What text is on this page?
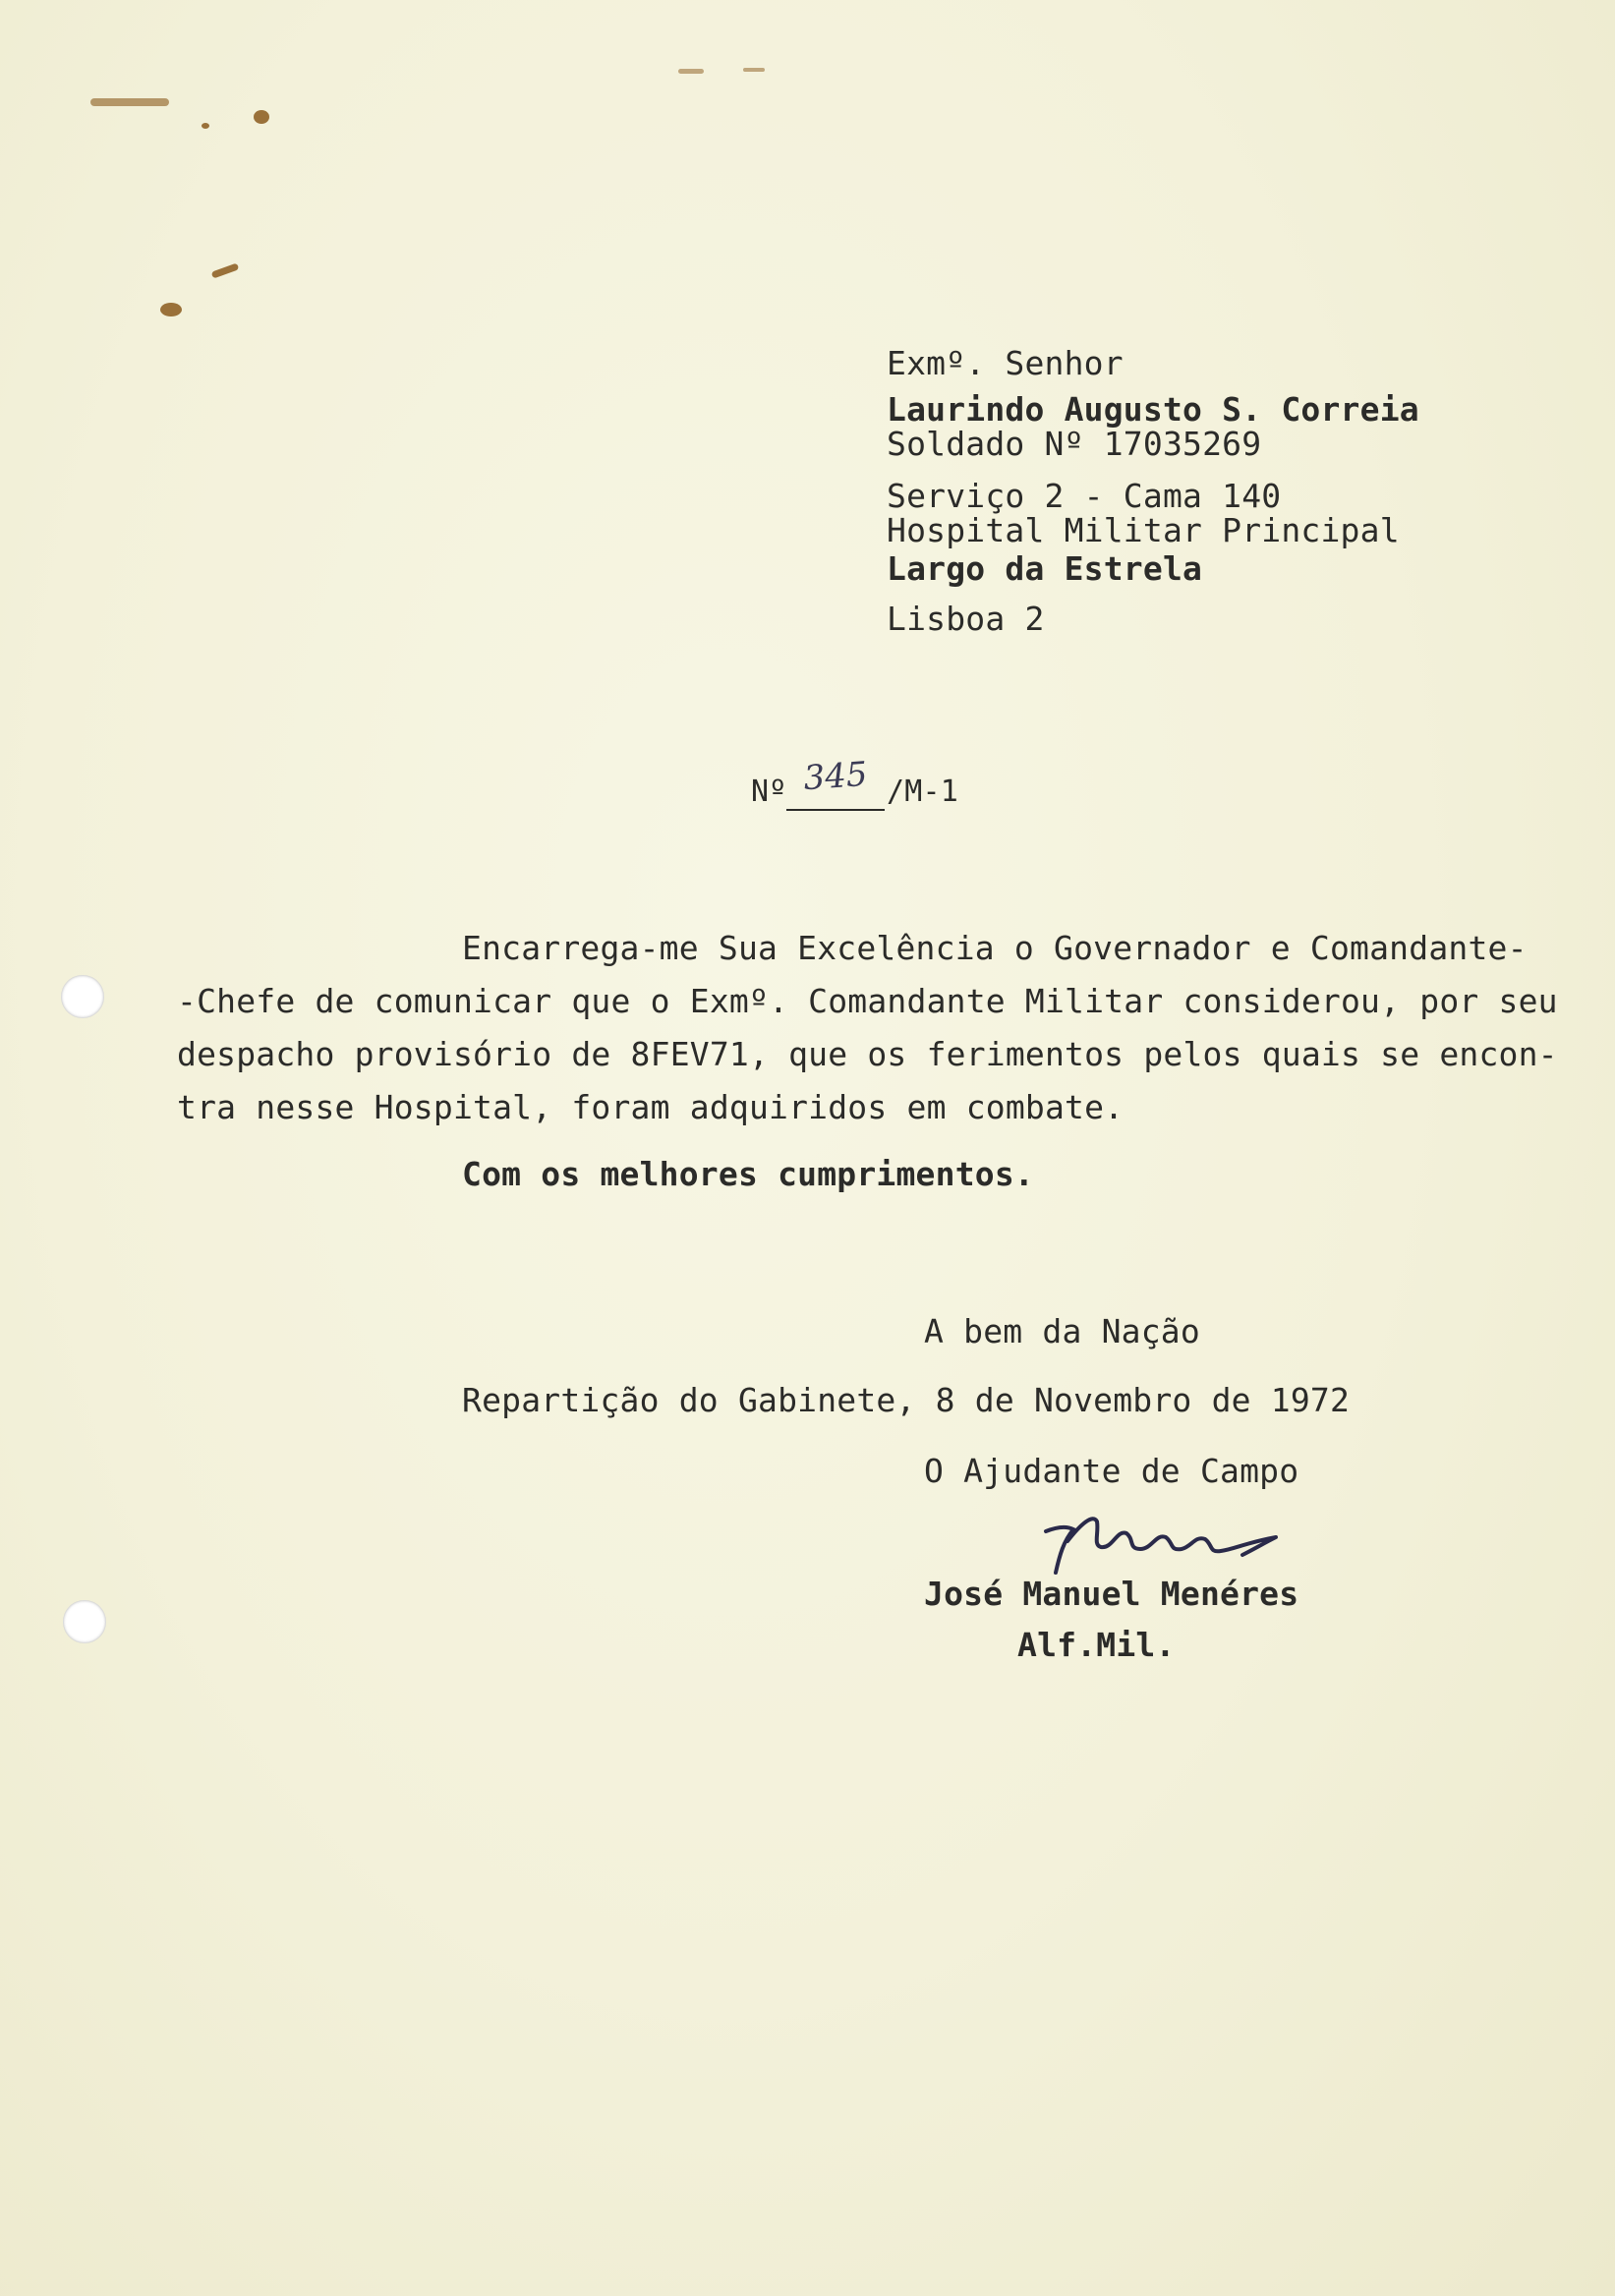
Exmº. Senhor
Laurindo Augusto S. Correia
Soldado Nº 17035269
Serviço 2 - Cama 140
Hospital Militar Principal
Largo da Estrela
Lisboa 2
Nº 345 /M-1
Encarrega-me Sua Excelência o Governador e Comandante-
-Chefe de comunicar que o Exmº. Comandante Militar considerou, por seu
despacho provisório de 8FEV71, que os ferimentos pelos quais se encon-
tra nesse Hospital, foram adquiridos em combate.
Com os melhores cumprimentos.
A bem da Nação
Repartição do Gabinete, 8 de Novembro de 1972
O Ajudante de Campo
José Manuel Menéres
Alf.Mil.
